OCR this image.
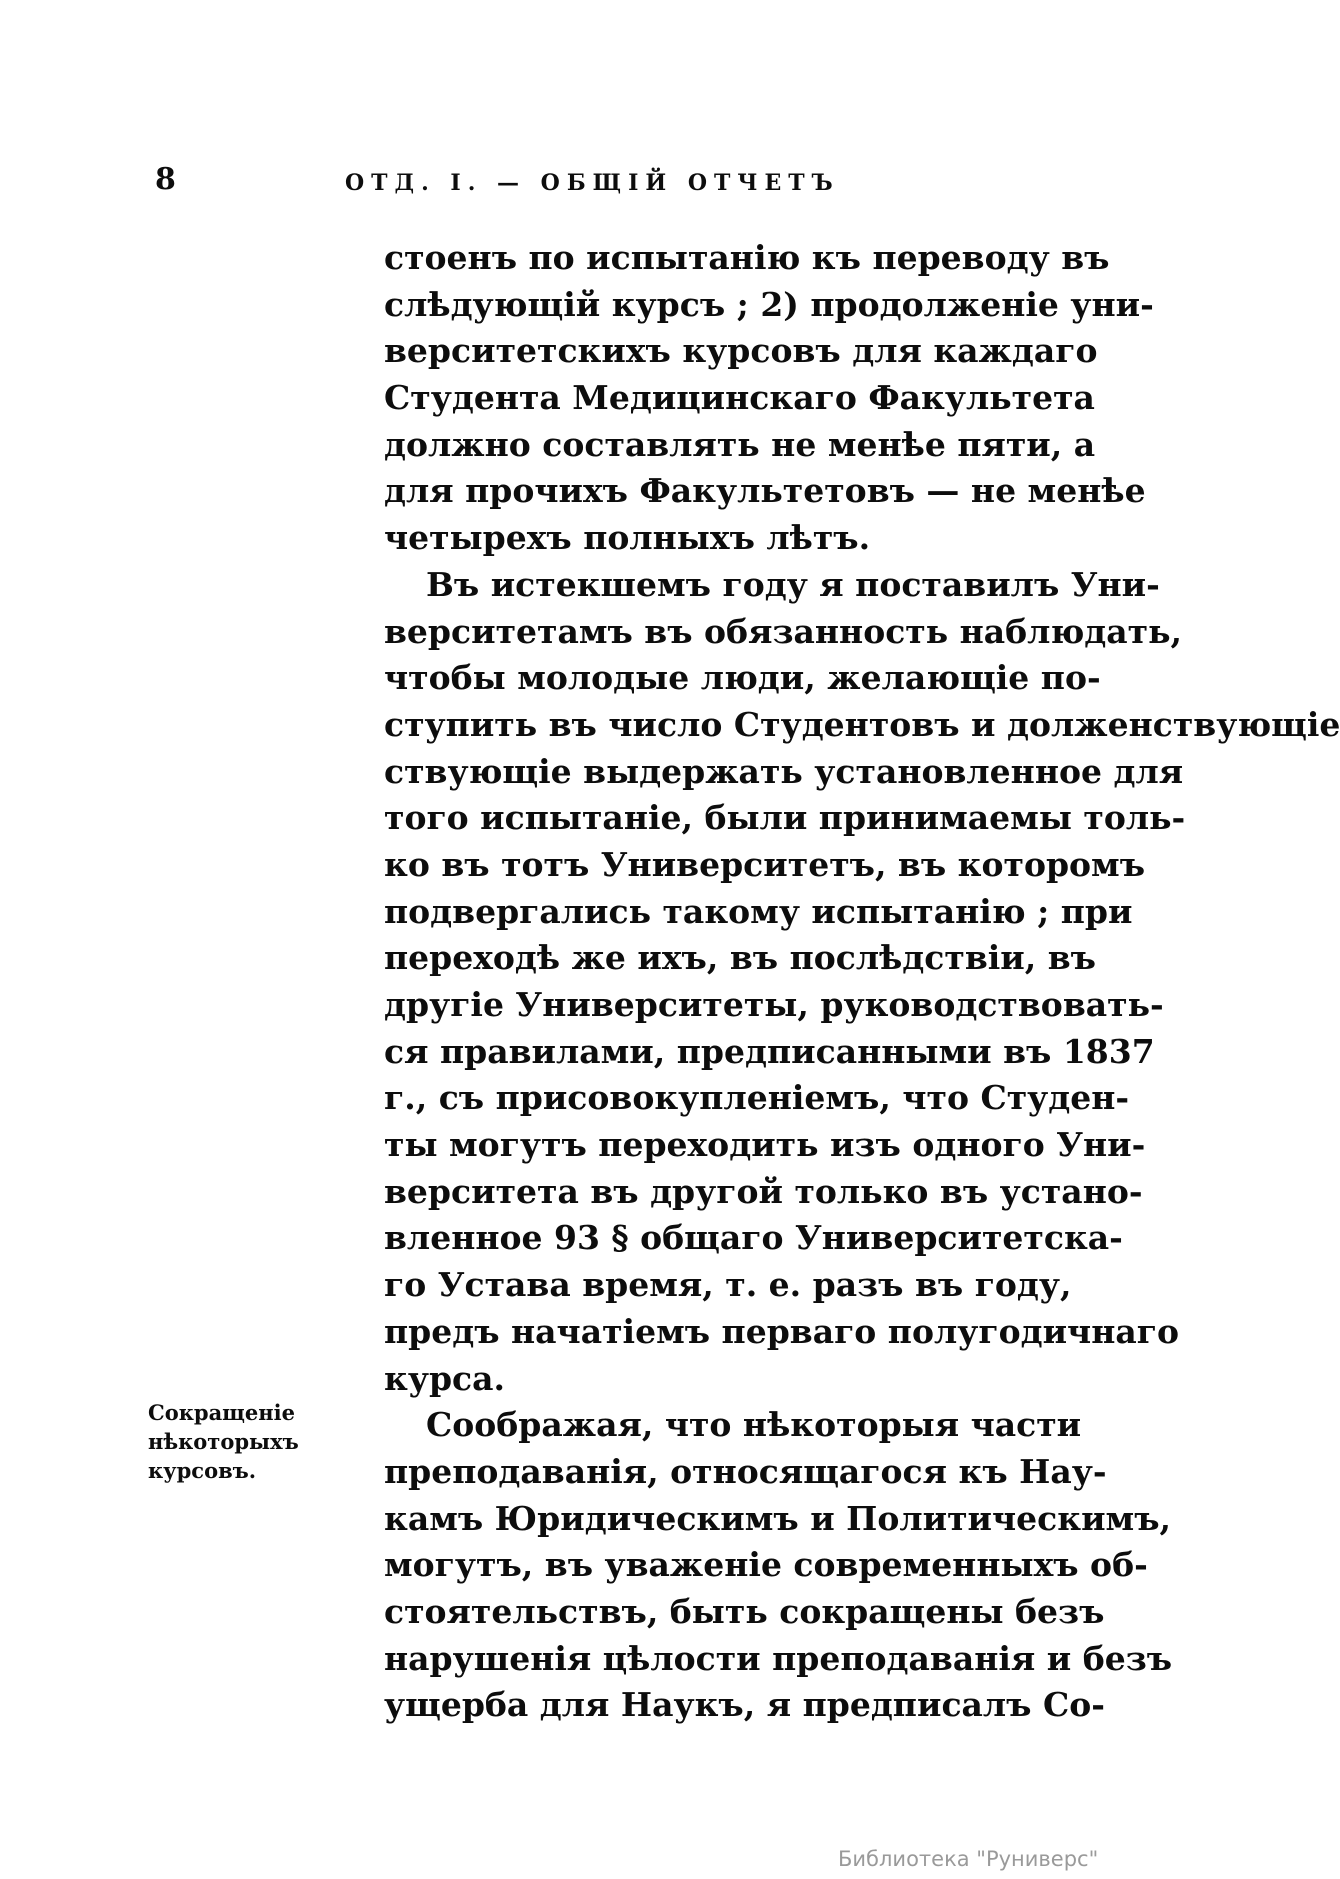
8	ОТД. I. — ОБЩІЙ ОТЧЕТЪ
стоенъ по испытанію къ переводу въ
слѣдующій курсъ ; 2) продолженіе уни-
верситетскихъ курсовъ для каждаго
Студента Медицинскаго Факультета
должно составлять не менѣе пяти, а
для прочихъ Факультетовъ — не менѣе
четырехъ полныхъ лѣтъ.
Въ истекшемъ году я поставилъ Уни-
верситетамъ въ обязанность наблюдать,
чтобы молодые люди, желающіе по-
ступить въ число Студентовъ и долженствующіе
ствующіе выдержать установленное для
того испытаніе, были принимаемы толь-
ко въ тотъ Университетъ, въ которомъ
подвергались такому испытанію ; при
переходѣ же ихъ, въ послѣдствіи, въ
другіе Университеты, руководствовать-
ся правилами, предписанными въ 1837
г., съ присовокупленіемъ, что Студен-
ты могутъ переходить изъ одного Уни-
верситета въ другой только въ устано-
вленное 93 § общаго Университетска-
го Устава время, т. е. разъ въ году,
предъ начатіемъ перваго полугодичнаго
курса.
Соображая, что нѣкоторыя части
преподаванія, относящагося къ Нау-
камъ Юридическимъ и Политическимъ,
могутъ, въ уваженіе современныхъ об-
стоятельствъ, быть сокращены безъ
нарушенія цѣлости преподаванія и безъ
ущерба для Наукъ, я предписалъ Со-
Сокращеніе
нѣкоторыхъ
курсовъ.
Библиотека "Руниверс"
